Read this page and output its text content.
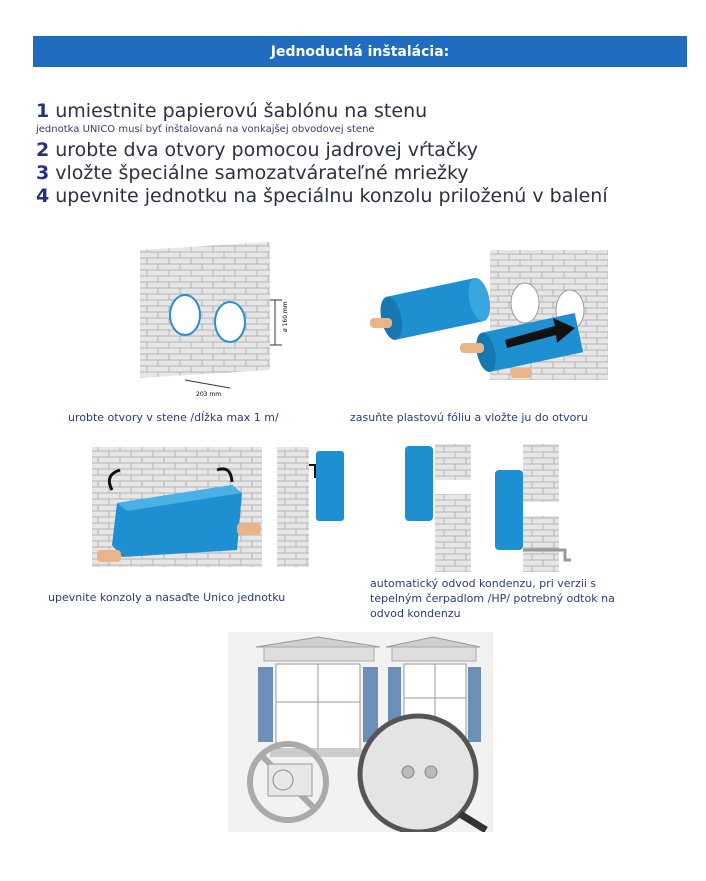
Jednoduchá inštalácia:
1 umiestnite papierovú šablónu na stenu
jednotka UNICO musí byť inštalovaná na vonkajšej obvodovej stene
2 urobte dva otvory pomocou jadrovej vŕtačky
3 vložte špeciálne samozatvárateľné mriežky
4 upevnite jednotku na špeciálnu konzolu priloženú v balení
ø 160 mm
203 mm
urobte otvory v stene /dĺžka max 1 m/	zasuňte plastovú fóliu a vložte ju do otvoru
upevnite konzoly a nasaďte Unico jednotku
automatický odvod kondenzu, pri verzii s tepelným čerpadlom /HP/ potrebný odtok na odvod kondenzu
